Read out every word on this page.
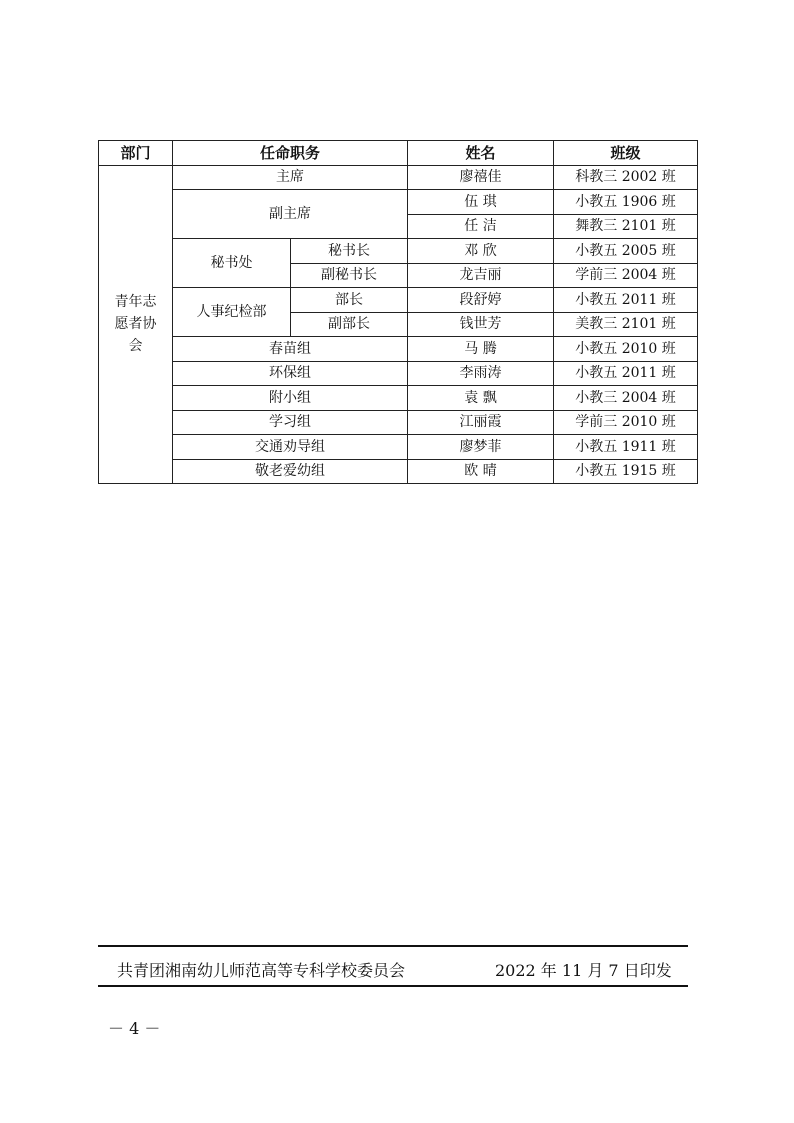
部门	任命职务		姓名	班级

青年志愿者协会	主席		廖禧佳	科教三 2002 班
	副主席		伍 琪	小教五 1906 班
			任 洁	舞教三 2101 班
	秘书处	秘书长	邓 欣	小教五 2005 班
		副秘书长	龙吉丽	学前三 2004 班
	人事纪检部	部长	段舒婷	小教五 2011 班
		副部长	钱世芳	美教三 2101 班
	春苗组		马 腾	小教五 2010 班
	环保组		李雨涛	小教五 2011 班
	附小组		袁 飘	小教三 2004 班
	学习组		江丽霞	学前三 2010 班
	交通劝导组		廖梦菲	小教五 1911 班
	敬老爱幼组		欧 晴	小教五 1915 班
共青团湘南幼儿师范高等专科学校委员会	2022 年 11 月 7 日印发
－ 4 －
